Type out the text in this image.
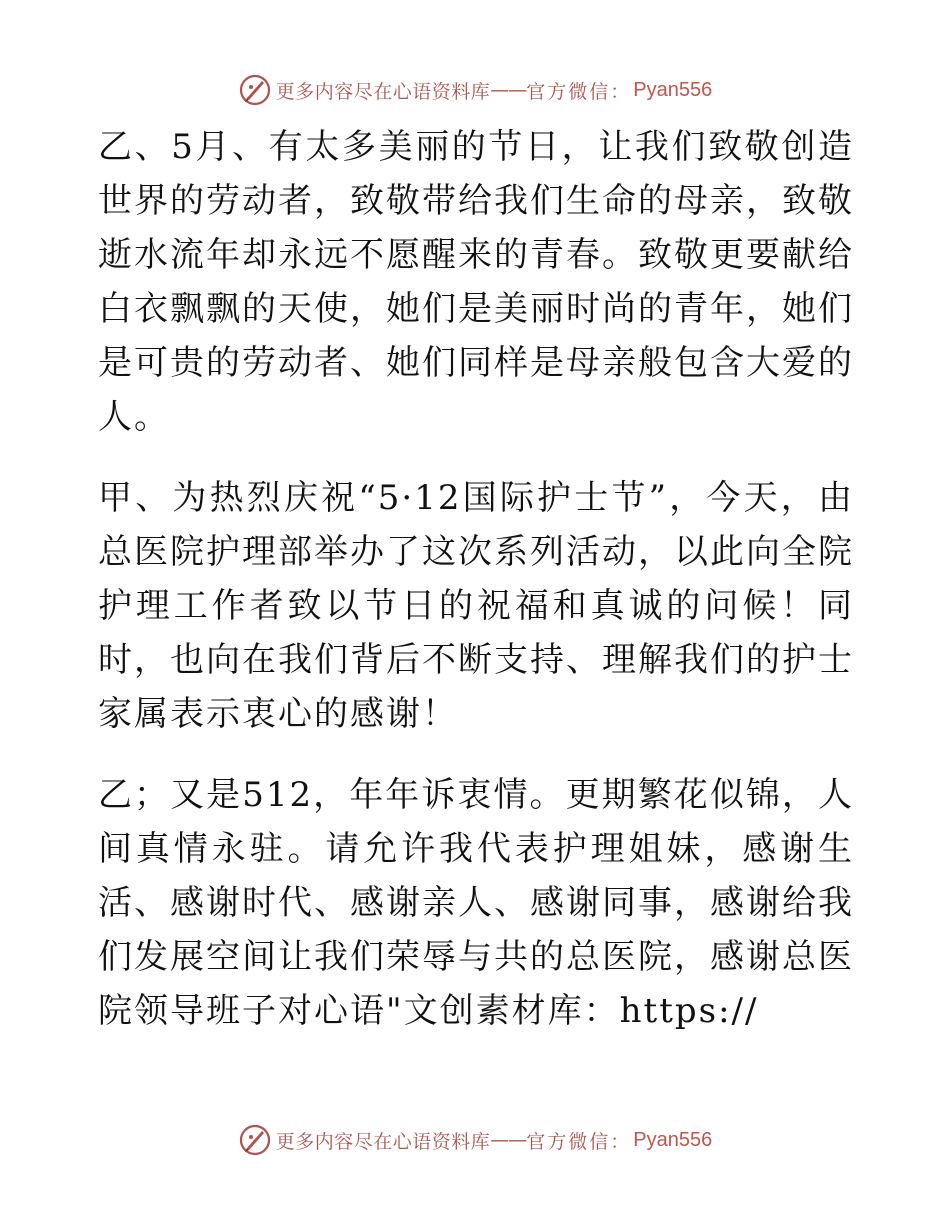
更多内容尽在心语资料库 —— 官方微信： Pyan556

乙、5月、有太多美丽的节日，让我们致敬创造世界的劳动者，致敬带给我们生命的母亲，致敬逝水流年却永远不愿醒来的青春。致敬更要献给白衣飘飘的天使，她们是美丽时尚的青年，她们是可贵的劳动者、她们同样是母亲般包含大爱的人。

甲、为热烈庆祝“5·12国际护士节”，今天，由总医院护理部举办了这次系列活动，以此向全院护理工作者致以节日的祝福和真诚的问候！同时，也向在我们背后不断支持、理解我们的护士家属表示衷心的感谢！

乙；又是512，年年诉衷情。更期繁花似锦，人间真情永驻。请允许我代表护理姐妹，感谢生活、感谢时代、感谢亲人、感谢同事，感谢给我们发展空间让我们荣辱与共的总医院，感谢总医院领导班子对心语"文创素材库：https://

更多内容尽在心语资料库 —— 官方微信： Pyan556
